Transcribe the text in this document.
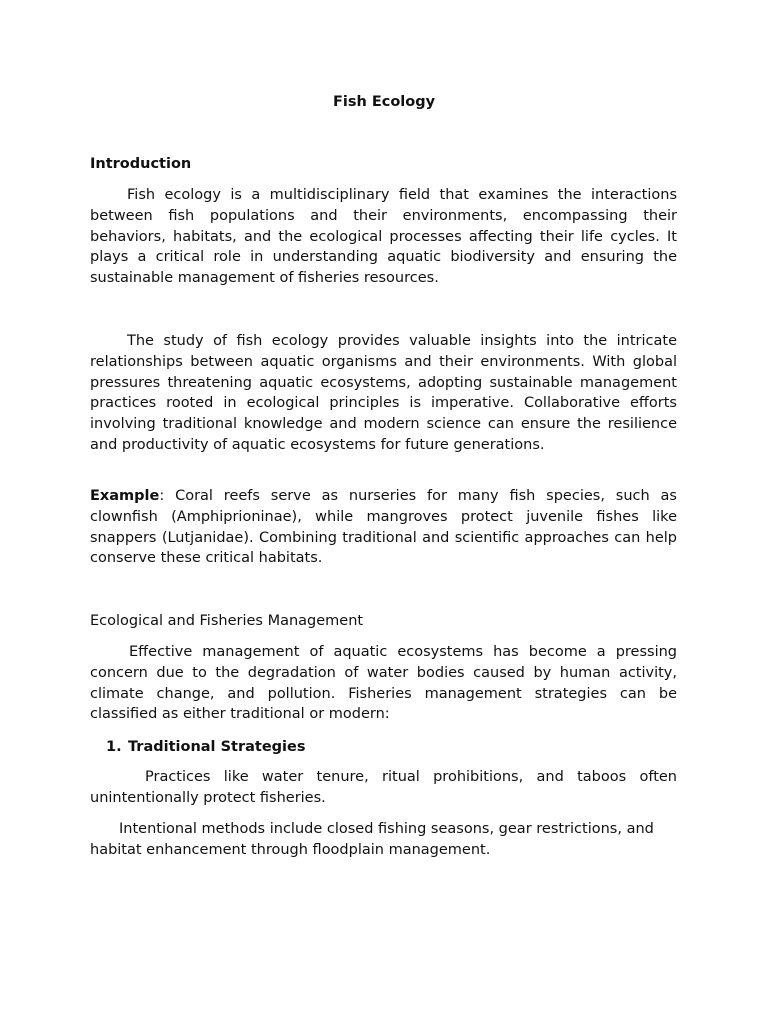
Fish Ecology

Introduction

Fish ecology is a multidisciplinary field that examines the interactions between fish populations and their environments, encompassing their behaviors, habitats, and the ecological processes affecting their life cycles. It plays a critical role in understanding aquatic biodiversity and ensuring the sustainable management of fisheries resources.

The study of fish ecology provides valuable insights into the intricate relationships between aquatic organisms and their environments. With global pressures threatening aquatic ecosystems, adopting sustainable management practices rooted in ecological principles is imperative. Collaborative efforts involving traditional knowledge and modern science can ensure the resilience and productivity of aquatic ecosystems for future generations.

Example: Coral reefs serve as nurseries for many fish species, such as clownfish (Amphiprioninae), while mangroves protect juvenile fishes like snappers (Lutjanidae). Combining traditional and scientific approaches can help conserve these critical habitats.

Ecological and Fisheries Management

Effective management of aquatic ecosystems has become a pressing concern due to the degradation of water bodies caused by human activity, climate change, and pollution. Fisheries management strategies can be classified as either traditional or modern:

1. Traditional Strategies

Practices like water tenure, ritual prohibitions, and taboos often unintentionally protect fisheries.

Intentional methods include closed fishing seasons, gear restrictions, and habitat enhancement through floodplain management.
